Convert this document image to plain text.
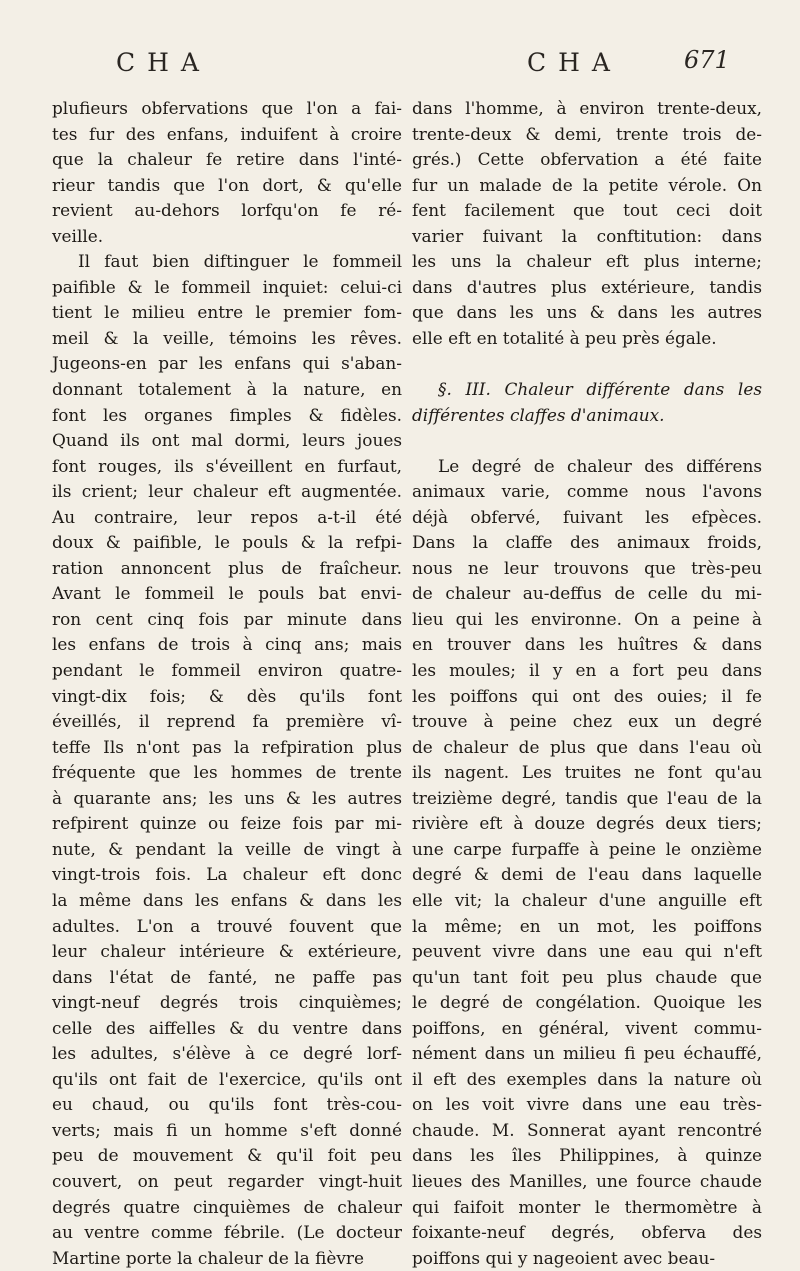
CHA	CHA	671
plufieurs obfervations que l'on a fai-
tes fur des enfans, induifent à croire
que la chaleur fe retire dans l'inté-
rieur tandis que l'on dort, & qu'elle
revient au-dehors lorfqu'on fe ré-
veille.
Il faut bien diftinguer le fommeil
paifible & le fommeil inquiet: celui-ci
tient le milieu entre le premier fom-
meil & la veille, témoins les rêves.
Jugeons-en par les enfans qui s'aban-
donnant totalement à la nature, en
font les organes fimples & fidèles.
Quand ils ont mal dormi, leurs joues
font rouges, ils s'éveillent en furfaut,
ils crient; leur chaleur eft augmentée.
Au contraire, leur repos a-t-il été
doux & paifible, le pouls & la refpi-
ration annoncent plus de fraîcheur.
Avant le fommeil le pouls bat envi-
ron cent cinq fois par minute dans
les enfans de trois à cinq ans; mais
pendant le fommeil environ quatre-
vingt-dix fois; & dès qu'ils font
éveillés, il reprend fa première vî-
teffe Ils n'ont pas la refpiration plus
fréquente que les hommes de trente
à quarante ans; les uns & les autres
refpirent quinze ou feize fois par mi-
nute, & pendant la veille de vingt à
vingt-trois fois. La chaleur eft donc
la même dans les enfans & dans les
adultes. L'on a trouvé fouvent que
leur chaleur intérieure & extérieure,
dans l'état de fanté, ne paffe pas
vingt-neuf degrés trois cinquièmes;
celle des aiffelles & du ventre dans
les adultes, s'élève à ce degré lorf-
qu'ils ont fait de l'exercice, qu'ils ont
eu chaud, ou qu'ils font très-cou-
verts; mais fi un homme s'eft donné
peu de mouvement & qu'il foit peu
couvert, on peut regarder vingt-huit
degrés quatre cinquièmes de chaleur
au ventre comme fébrile. (Le docteur
Martine porte la chaleur de la fièvre
dans l'homme, à environ trente-deux,
trente-deux & demi, trente trois de-
grés.) Cette obfervation a été faite
fur un malade de la petite vérole. On
fent facilement que tout ceci doit
varier fuivant la conftitution: dans
les uns la chaleur eft plus interne;
dans d'autres plus extérieure, tandis
que dans les uns & dans les autres
elle eft en totalité à peu près égale.
§. III. Chaleur différente dans les
différentes claffes d'animaux.
Le degré de chaleur des différens
animaux varie, comme nous l'avons
déjà obfervé, fuivant les efpèces.
Dans la claffe des animaux froids,
nous ne leur trouvons que très-peu
de chaleur au-deffus de celle du mi-
lieu qui les environne. On a peine à
en trouver dans les huîtres & dans
les moules; il y en a fort peu dans
les poiffons qui ont des ouies; il fe
trouve à peine chez eux un degré
de chaleur de plus que dans l'eau où
ils nagent. Les truites ne font qu'au
treizième degré, tandis que l'eau de la
rivière eft à douze degrés deux tiers;
une carpe furpaffe à peine le onzième
degré & demi de l'eau dans laquelle
elle vit; la chaleur d'une anguille eft
la même; en un mot, les poiffons
peuvent vivre dans une eau qui n'eft
qu'un tant foit peu plus chaude que
le degré de congélation. Quoique les
poiffons, en général, vivent commu-
nément dans un milieu fi peu échauffé,
il eft des exemples dans la nature où
on les voit vivre dans une eau très-
chaude. M. Sonnerat ayant rencontré
dans les îles Philippines, à quinze
lieues des Manilles, une fource chaude
qui faifoit monter le thermomètre à
foixante-neuf degrés, obferva des
poiffons qui y nageoient avec beau-
